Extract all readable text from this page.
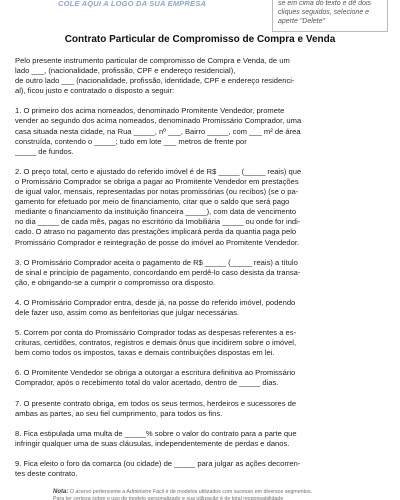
COLE AQUI A LOGO DA SUA EMPRESA	se em cima do texto e dê dois
cliques seguidos, selecione e
aperte "Delete"
Contrato Particular de Compromisso de Compra e Venda
Pelo presente instrumento particular de compromisso de Compra e Venda, de um
lado ___, (nacionalidade, profissão, CPF e endereço residencial),
de outro lado ___ (nacionalidade, profissão, identidade, CPF e endereço residenci-
al), ficou justo e contratado o disposto a seguir:
1. O primeiro dos acima nomeados, denominado Promitente Vendedor, promete
vender ao segundo dos acima nomeados, denominado Promissário Comprador, uma
casa situada nesta cidade, na Rua _____, nº ___, Bairro _____, com ___ m² de área
construída, contendo o _____; tudo em lote ___ metros de frente por
_____ de fundos.
2. O preço total, certo e ajustado do referido imóvel é de R$ _____ (_____ reais) que
o Promissário Comprador se obriga a pagar ao Promitente Vendedor em prestações
de igual valor, mensais, representadas por notas promissórias (ou recibos) (se o pa-
gamento for efetuado por meio de financiamento, citar que o saldo que será pago
mediante o financiamento da instituição financeira _____), com data de vencimento
no dia _____ de cada mês, pagas no escritório da Imobiliária _____ ou onde for indi-
cado. O atraso no pagamento das prestações implicará perda da quantia paga pelo
Promissário Comprador e reintegração de posse do imóvel ao Promitente Vendedor.
3. O Promissário Comprador aceita o pagamento de R$ _____ (_____ reais) a título
de sinal e princípio de pagamento, concordando em perdê-lo caso desista da transa-
ção, e obrigando-se a cumprir o compromisso ora disposto.
4. O Promissário Comprador entra, desde já, na posse do referido imóvel, podendo
dele fazer uso, assim como as benfeitorias que julgar necessárias.
5. Correm por conta do Promissário Comprador todas as despesas referentes a es-
crituras, certidões, contratos, registros e demais ônus que incidirem sobre o imóvel,
bem como todos os impostos, taxas e demais contribuições dispostas em lei.
6. O Promitente Vendedor se obriga a outorgar a escritura definitiva ao Promissário
Comprador, após o recebimento total do valor acertado, dentro de _____ dias.
7. O presente contrato obriga, em todos os seus termos, herdeiros e sucessores de
ambas as partes, ao seu fiel cumprimento, para todos os fins.
8. Fica estipulada uma multa de _____% sobre o valor do contrato para a parte que
infringir qualquer uma de suas cláusulas, independentemente de perdas e danos.
9. Fica eleito o foro da comarca (ou cidade) de _____ para julgar as ações decorren-
tes deste contrato.
Nota: O acervo pertencente a Administre Fácil é de modelos utilizados com sucesso em diversos segmentos.
Para ter certeza sobre o uso de modelo personalizado e sua utilização é de total responsabilidade
